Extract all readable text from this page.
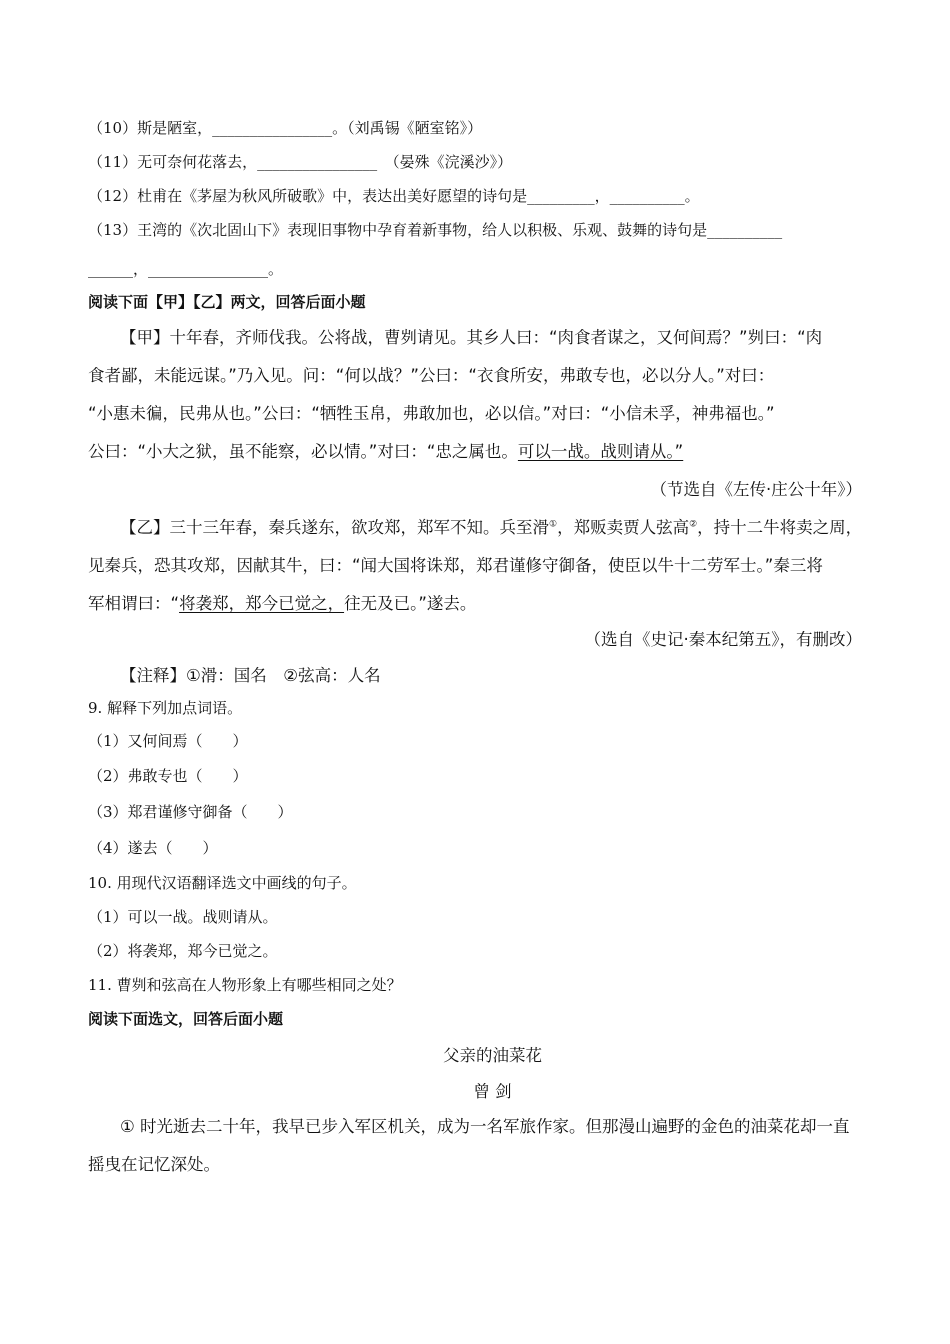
（10）斯是陋室，________________。（刘禹锡《陋室铭》）
（11）无可奈何花落去，________________　（晏殊《浣溪沙》）
（12）杜甫在《茅屋为秋风所破歌》中，表达出美好愿望的诗句是_________，__________。
（13）王湾的《次北固山下》表现旧事物中孕育着新事物，给人以积极、乐观、鼓舞的诗句是__________
______，________________。
阅读下面【甲】【乙】两文，回答后面小题
【甲】十年春，齐师伐我。公将战，曹刿请见。其乡人曰：“肉食者谋之，又何间焉？”刿曰：“肉
食者鄙，未能远谋。”乃入见。问：“何以战？”公曰：“衣食所安，弗敢专也，必以分人。”对曰：
“小惠未徧，民弗从也。”公曰：“牺牲玉帛，弗敢加也，必以信。”对曰：“小信未孚，神弗福也。”
公曰：“小大之狱，虽不能察，必以情。”对曰：“忠之属也。可以一战。战则请从。”
（节选自《左传·庄公十年》）
【乙】三十三年春，秦兵遂东，欲攻郑，郑军不知。兵至滑①，郑贩卖贾人弦高②，持十二牛将卖之周，
见秦兵，恐其攻郑，因献其牛，曰：“闻大国将诛郑，郑君谨修守御备，使臣以牛十二劳军士。”秦三将
军相谓曰：“将袭郑，郑今已觉之，往无及已。”遂去。
（选自《史记·秦本纪第五》，有删改）
【注释】①滑：国名　②弦高：人名
9. 解释下列加点词语。
（1）又何间焉（　　）
（2）弗敢专也（　　）
（3）郑君谨修守御备（　　）
（4）遂去（　　）
10. 用现代汉语翻译选文中画线的句子。
（1）可以一战。战则请从。
（2）将袭郑，郑今已觉之。
11. 曹刿和弦高在人物形象上有哪些相同之处？
阅读下面选文，回答后面小题
父亲的油菜花
曾 剑
① 时光逝去二十年，我早已步入军区机关，成为一名军旅作家。但那漫山遍野的金色的油菜花却一直
摇曳在记忆深处。
